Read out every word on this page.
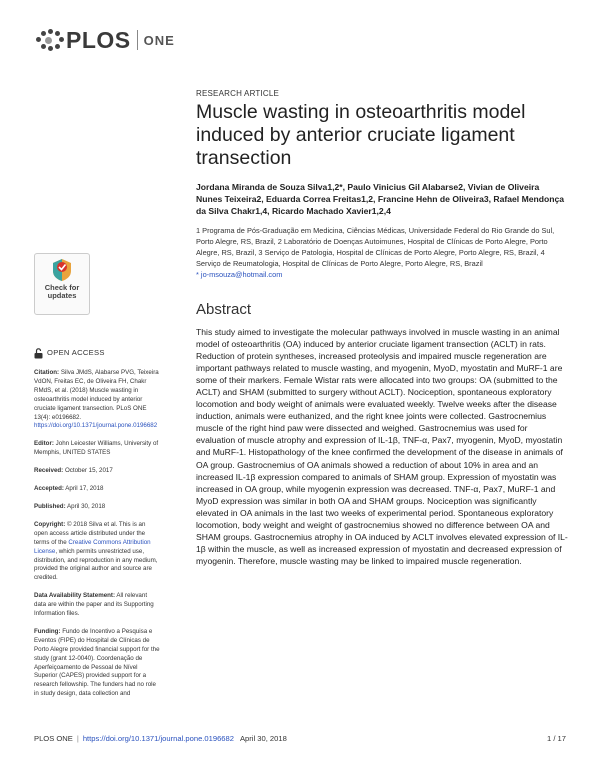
PLOS ONE
Check for
updates
RESEARCH ARTICLE
Muscle wasting in osteoarthritis model induced by anterior cruciate ligament transection
Jordana Miranda de Souza Silva1,2*, Paulo Vinicius Gil Alabarse2, Vivian de Oliveira Nunes Teixeira2, Eduarda Correa Freitas1,2, Francine Hehn de Oliveira3, Rafael Mendonça da Silva Chakr1,4, Ricardo Machado Xavier1,2,4
1 Programa de Pós-Graduação em Medicina, Ciências Médicas, Universidade Federal do Rio Grande do Sul, Porto Alegre, RS, Brazil, 2 Laboratório de Doenças Autoimunes, Hospital de Clínicas de Porto Alegre, Porto Alegre, RS, Brazil, 3 Serviço de Patologia, Hospital de Clínicas de Porto Alegre, Porto Alegre, RS, Brazil, 4 Serviço de Reumatologia, Hospital de Clínicas de Porto Alegre, Porto Alegre, RS, Brazil
* jo-msouza@hotmail.com
Abstract
This study aimed to investigate the molecular pathways involved in muscle wasting in an animal model of osteoarthritis (OA) induced by anterior cruciate ligament transection (ACLT) in rats. Reduction of protein syntheses, increased proteolysis and impaired muscle regeneration are important pathways related to muscle wasting, and myogenin, MyoD, myostatin and MuRF-1 are some of their markers. Female Wistar rats were allocated into two groups: OA (submitted to the ACLT) and SHAM (submitted to surgery without ACLT). Nociception, spontaneous exploratory locomotion and body weight of animals were evaluated weekly. Twelve weeks after the disease induction, animals were euthanized, and the right knee joints were collected. Gastrocnemius muscle of the right hind paw were dissected and weighed. Gastrocnemius was used for evaluation of muscle atrophy and expression of IL-1β, TNF-α, Pax7, myogenin, MyoD, myostatin and MuRF-1. Histopathology of the knee confirmed the development of the disease in animals of OA group. Gastrocnemius of OA animals showed a reduction of about 10% in area and an increased IL-1β expression compared to animals of SHAM group. Expression of myostatin was increased in OA group, while myogenin expression was decreased. TNF-α, Pax7, MuRF-1 and MyoD expression was similar in both OA and SHAM groups. Nociception was significantly elevated in OA animals in the last two weeks of experimental period. Spontaneous exploratory locomotion, body weight and weight of gastrocnemius showed no difference between OA and SHAM groups. Gastrocnemius atrophy in OA induced by ACLT involves elevated expression of IL-1β within the muscle, as well as increased expression of myostatin and decreased expression of myogenin. Therefore, muscle wasting may be linked to impaired muscle regeneration.
OPEN ACCESS
Citation: Silva JMdS, Alabarse PVG, Teixeira VdON, Freitas EC, de Oliveira FH, Chakr RMdS, et al. (2018) Muscle wasting in osteoarthritis model induced by anterior cruciate ligament transection. PLoS ONE 13(4): e0196682. https://doi.org/10.1371/journal.pone.0196682
Editor: John Leicester Williams, University of Memphis, UNITED STATES
Received: October 15, 2017
Accepted: April 17, 2018
Published: April 30, 2018
Copyright: © 2018 Silva et al. This is an open access article distributed under the terms of the Creative Commons Attribution License, which permits unrestricted use, distribution, and reproduction in any medium, provided the original author and source are credited.
Data Availability Statement: All relevant data are within the paper and its Supporting Information files.
Funding: Fundo de Incentivo a Pesquisa e Eventos (FIPE) do Hospital de Clínicas de Porto Alegre provided financial support for the study (grant 12-0040). Coordenação de Aperfeiçoamento de Pessoal de Nível Superior (CAPES) provided support for a research fellowship. The funders had no role in study design, data collection and
PLOS ONE | https://doi.org/10.1371/journal.pone.0196682 April 30, 2018	1 / 17
